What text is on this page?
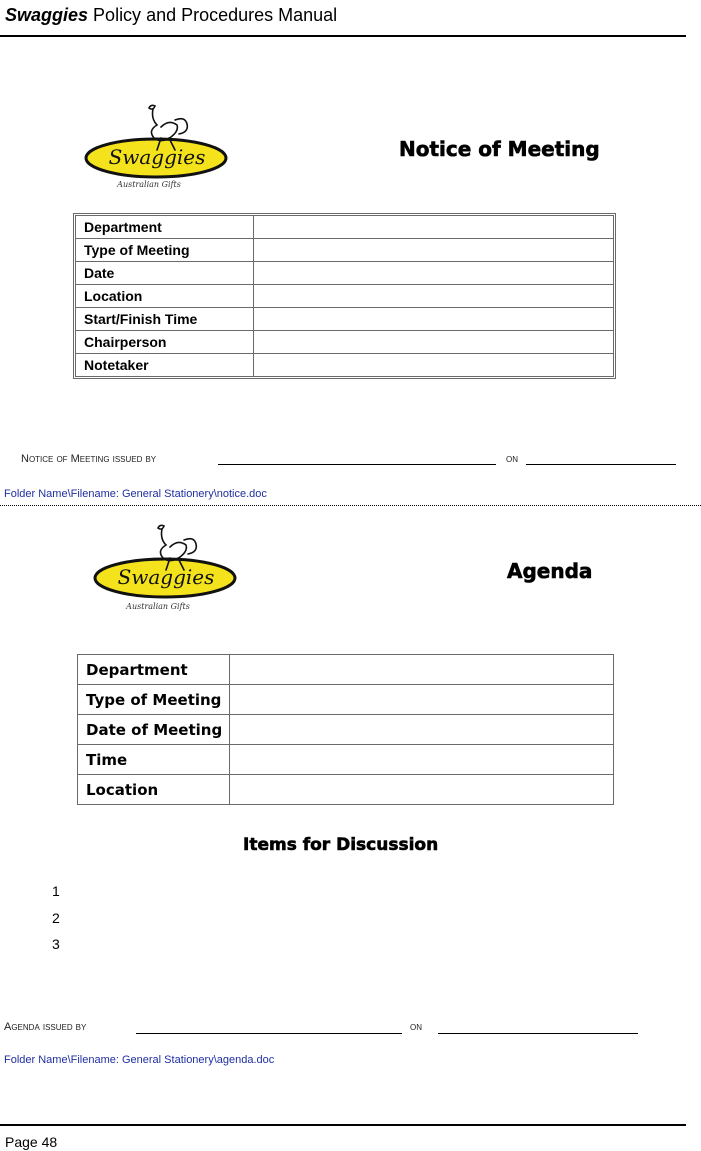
Swaggies Policy and Procedures Manual
Swaggies
Australian Gifts
Notice of Meeting
Department	
Type of Meeting	
Date	
Location	
Start/Finish Time	
Chairperson	
Notetaker	
Notice of Meeting issued by	on
Folder Name\Filename: General Stationery\notice.doc
Swaggies
Australian Gifts
Agenda
Department	
Type of Meeting	
Date of Meeting	
Time	
Location	
Items for Discussion
1
2
3
Agenda issued by	on
Folder Name\Filename: General Stationery\agenda.doc
Page 48
